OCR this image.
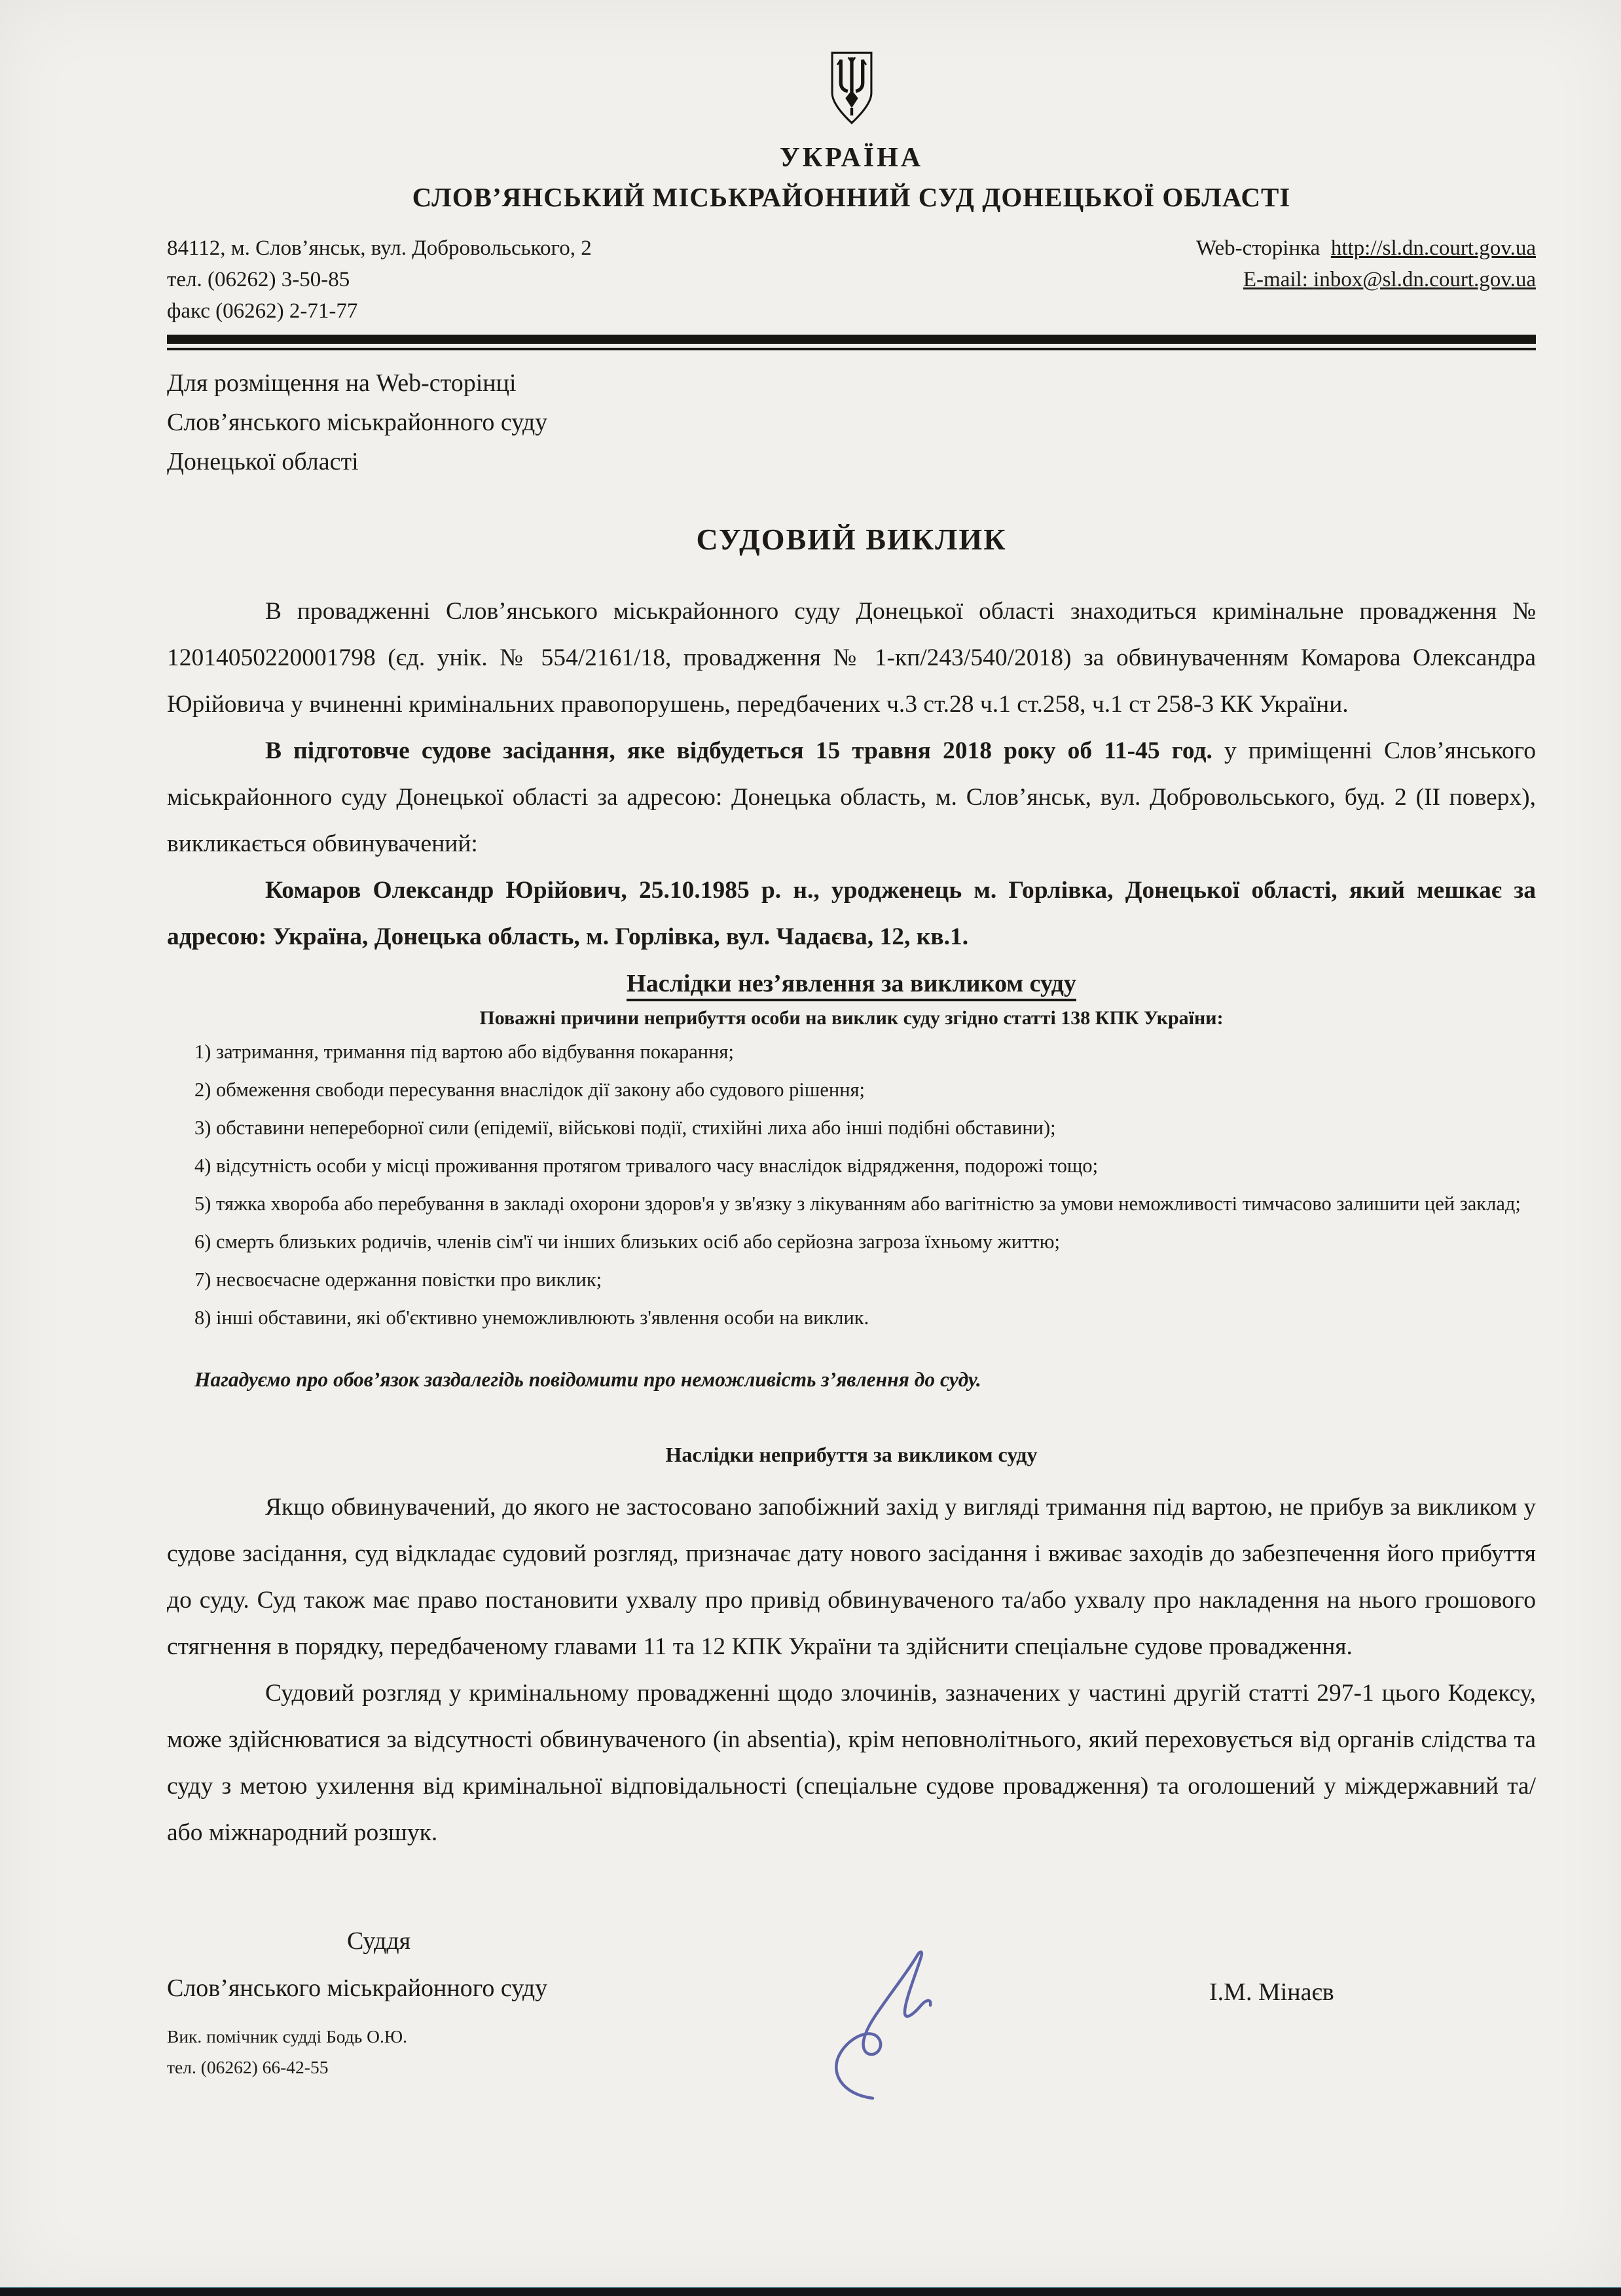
УКРАЇНА
СЛОВ’ЯНСЬКИЙ МІСЬКРАЙОННИЙ СУД ДОНЕЦЬКОЇ ОБЛАСТІ
84112, м. Слов’янськ, вул. Добровольського, 2
тел. (06262) 3-50-85
факс (06262) 2-71-77
Web-сторінка http://sl.dn.court.gov.ua
E-mail: inbox@sl.dn.court.gov.ua
Для розміщення на Web-сторінці
Слов’янського міськрайонного суду
Донецької області
СУДОВИЙ ВИКЛИК
В провадженні Слов’янського міськрайонного суду Донецької області знаходиться кримінальне провадження № 12014050220001798 (єд. унік. № 554/2161/18, провадження № 1-кп/243/540/2018) за обвинуваченням Комарова Олександра Юрійовича у вчиненні кримінальних правопорушень, передбачених ч.3 ст.28 ч.1 ст.258, ч.1 ст 258-3 КК України.
В підготовче судове засідання, яке відбудеться 15 травня 2018 року об 11-45 год. у приміщенні Слов’янського міськрайонного суду Донецької області за адресою: Донецька область, м. Слов’янськ, вул. Добровольського, буд. 2 (ІІ поверх), викликається обвинувачений:
Комаров Олександр Юрійович, 25.10.1985 р. н., уродженець м. Горлівка, Донецької області, який мешкає за адресою: Україна, Донецька область, м. Горлівка, вул. Чадаєва, 12, кв.1.
Наслідки нез’явлення за викликом суду
Поважні причини неприбуття особи на виклик суду згідно статті 138 КПК України:
1) затримання, тримання під вартою або відбування покарання;
2) обмеження свободи пересування внаслідок дії закону або судового рішення;
3) обставини непереборної сили (епідемії, військові події, стихійні лиха або інші подібні обставини);
4) відсутність особи у місці проживання протягом тривалого часу внаслідок відрядження, подорожі тощо;
5) тяжка хвороба або перебування в закладі охорони здоров'я у зв'язку з лікуванням або вагітністю за умови неможливості тимчасово залишити цей заклад;
6) смерть близьких родичів, членів сім'ї чи інших близьких осіб або серйозна загроза їхньому життю;
7) несвоєчасне одержання повістки про виклик;
8) інші обставини, які об'єктивно унеможливлюють з'явлення особи на виклик.
Нагадуємо про обов’язок заздалегідь повідомити про неможливість з’явлення до суду.
Наслідки неприбуття за викликом суду
Якщо обвинувачений, до якого не застосовано запобіжний захід у вигляді тримання під вартою, не прибув за викликом у судове засідання, суд відкладає судовий розгляд, призначає дату нового засідання і вживає заходів до забезпечення його прибуття до суду. Суд також має право постановити ухвалу про привід обвинуваченого та/або ухвалу про накладення на нього грошового стягнення в порядку, передбаченому главами 11 та 12 КПК України та здійснити спеціальне судове провадження.
Судовий розгляд у кримінальному провадженні щодо злочинів, зазначених у частині другій статті 297-1 цього Кодексу, може здійснюватися за відсутності обвинуваченого (in absentia), крім неповнолітнього, який переховується від органів слідства та суду з метою ухилення від кримінальної відповідальності (спеціальне судове провадження) та оголошений у міждержавний та/або міжнародний розшук.
Суддя
Слов’янського міськрайонного суду	І.М. Мінаєв
Вик. помічник судді Бодь О.Ю.
тел. (06262) 66-42-55
